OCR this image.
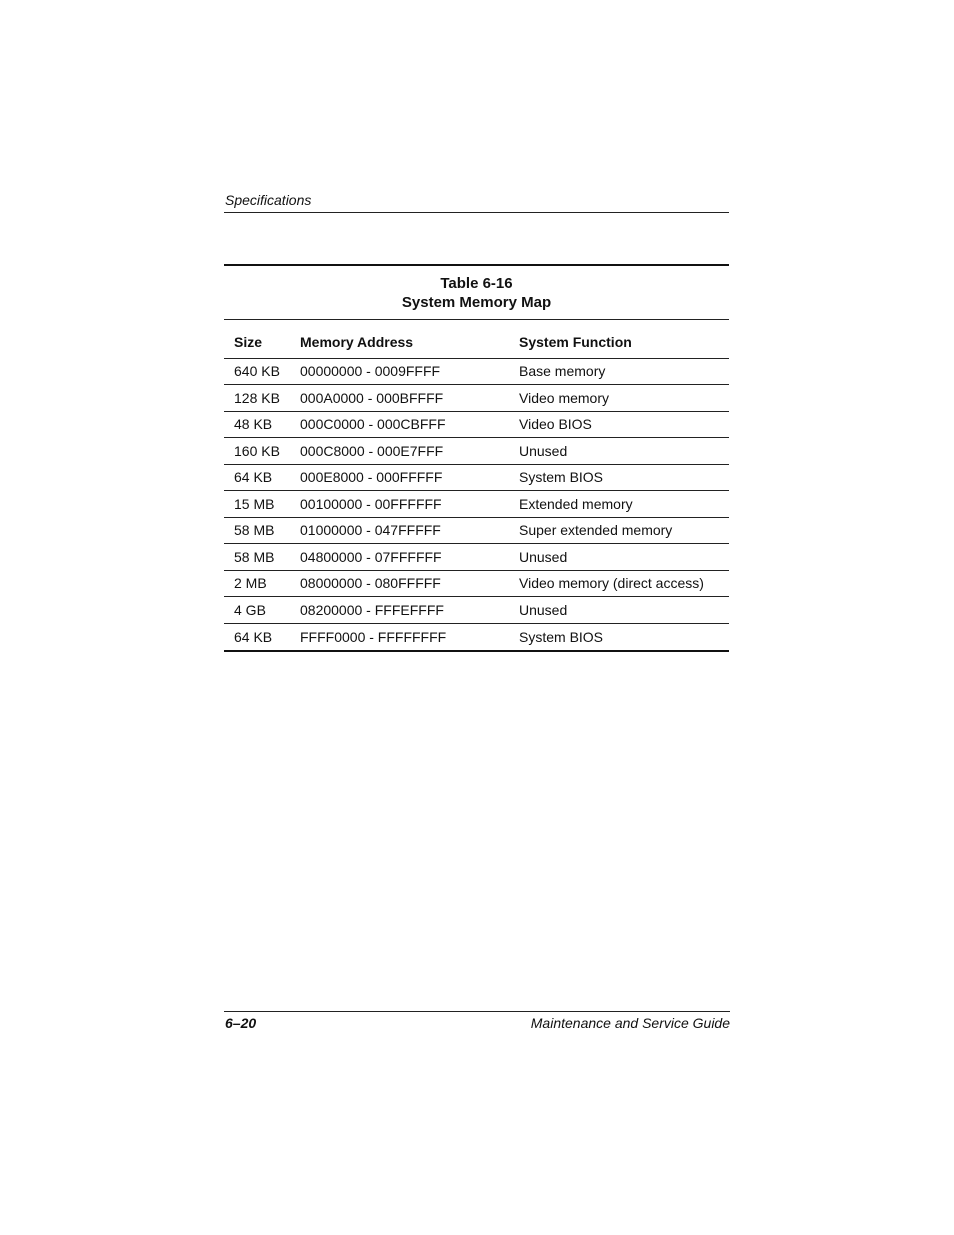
Specifications
Table 6-16
System Memory Map
Size	Memory Address	System Function
640 KB	00000000 - 0009FFFF	Base memory
128 KB	000A0000 - 000BFFFF	Video memory
48 KB	000C0000 - 000CBFFF	Video BIOS
160 KB	000C8000 - 000E7FFF	Unused
64 KB	000E8000 - 000FFFFF	System BIOS
15 MB	00100000 - 00FFFFFF	Extended memory
58 MB	01000000 - 047FFFFF	Super extended memory
58 MB	04800000 - 07FFFFFF	Unused
2 MB	08000000 - 080FFFFF	Video memory (direct access)
4 GB	08200000 - FFFEFFFF	Unused
64 KB	FFFF0000 - FFFFFFFF	System BIOS
6–20	Maintenance and Service Guide
